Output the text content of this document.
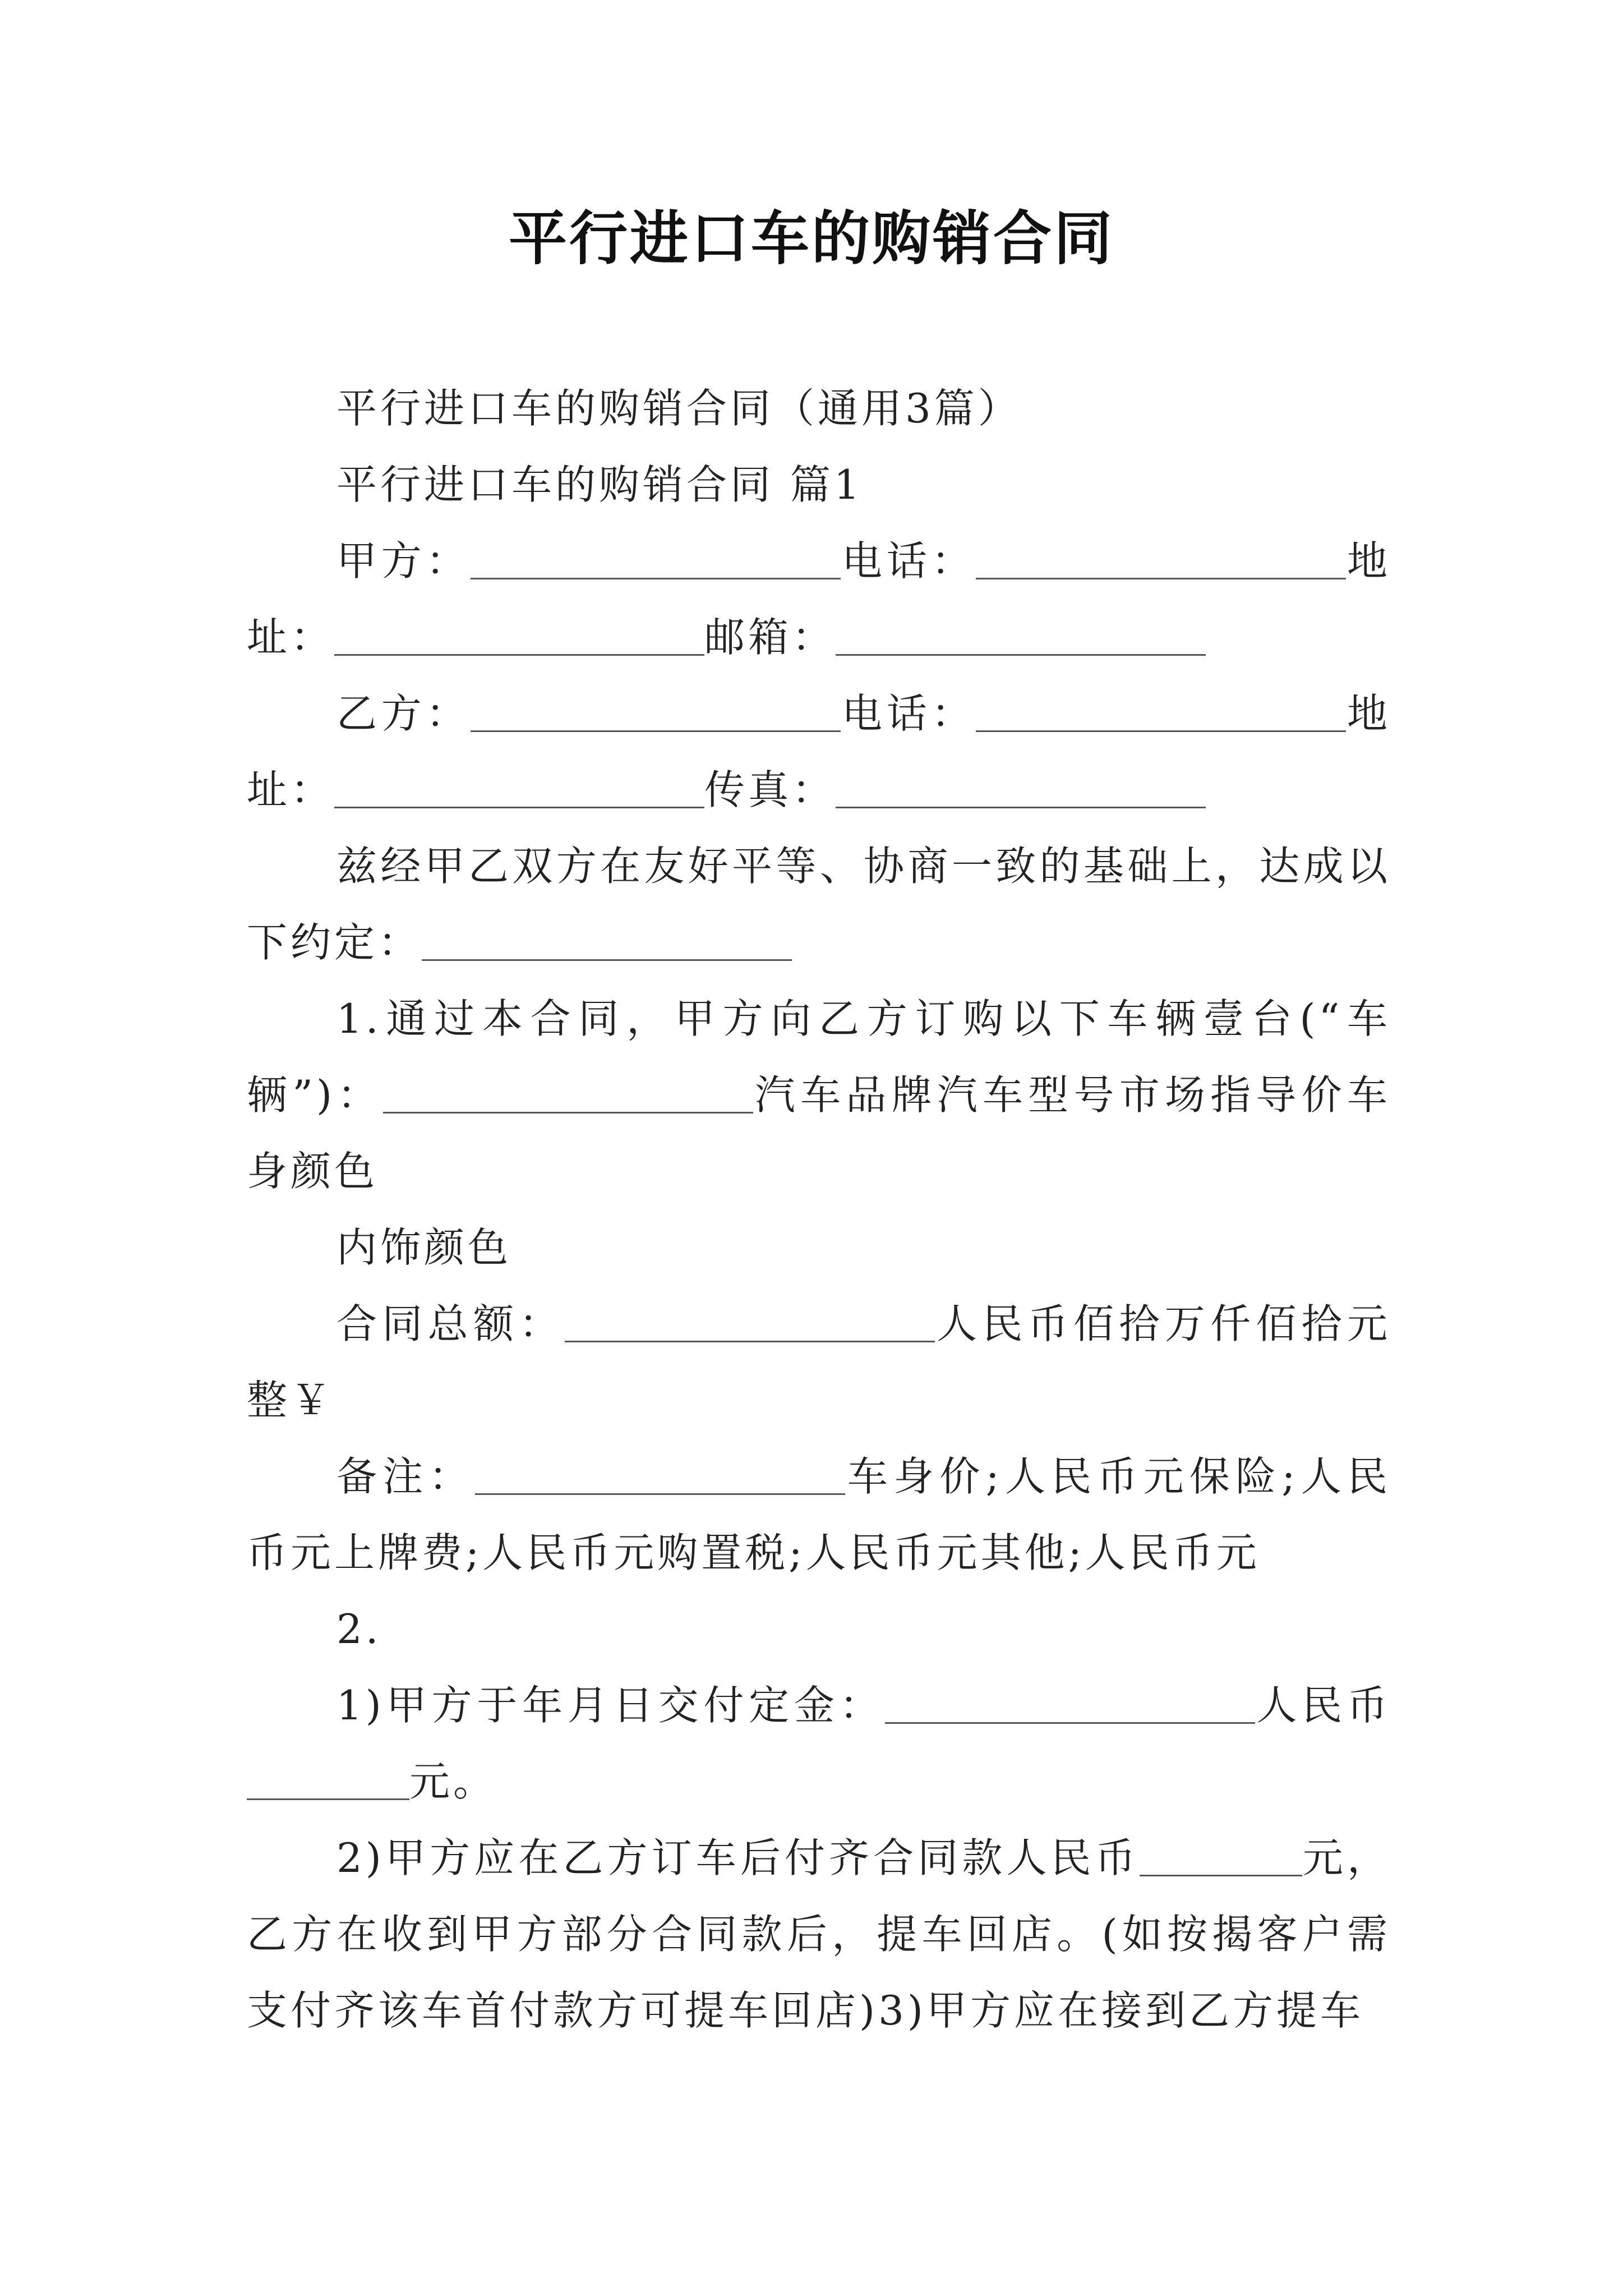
平行进口车的购销合同

平行进口车的购销合同（通用3篇）

平行进口车的购销合同 篇1

甲方：	电话：	地址：	邮箱：

乙方：	电话：	地址：	传真：

兹经甲乙双方在友好平等、协商一致的基础上，达成以下约定：

1.通过本合同，甲方向乙方订购以下车辆壹台(“车辆”)：	汽车品牌汽车型号市场指导价车身颜色

内饰颜色

合同总额：	人民币佰拾万仟佰拾元整￥

备注：	车身价;人民币元保险;人民币元上牌费;人民币元购置税;人民币元其他;人民币元

2.

1)甲方于年月日交付定金：	人民币元。

2)甲方应在乙方订车后付齐合同款人民币	元，乙方在收到甲方部分合同款后，提车回店。(如按揭客户需支付齐该车首付款方可提车回店)3)甲方应在接到乙方提车
